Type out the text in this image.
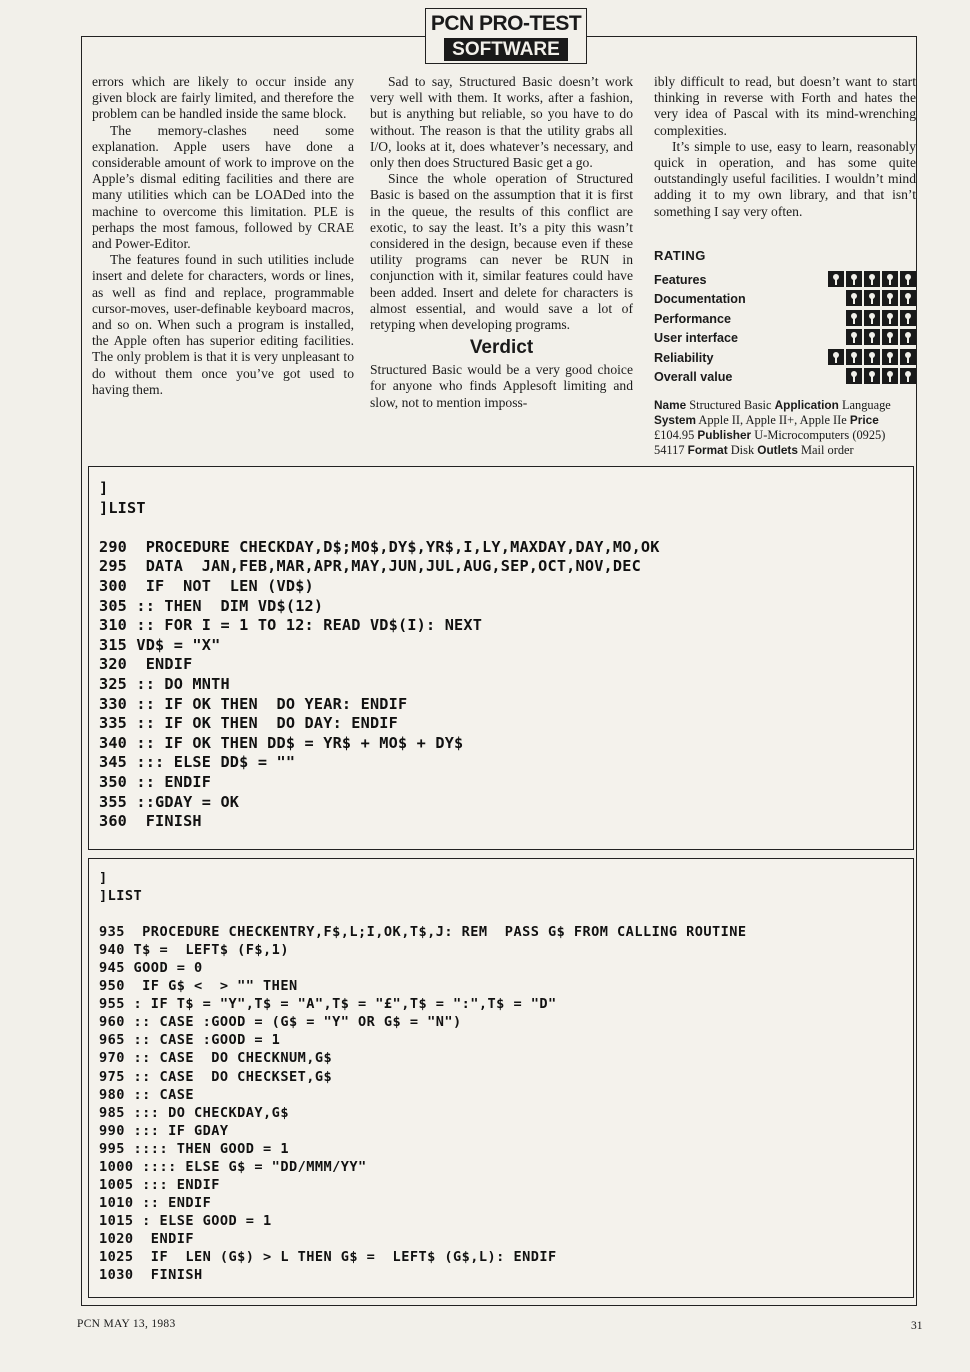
PCN PRO-TEST
SOFTWARE

errors which are likely to occur inside any given block are fairly limited, and therefore the problem can be handled inside the same block.

The memory-clashes need some explanation. Apple users have done a considerable amount of work to improve on the Apple’s dismal editing facilities and there are many utilities which can be LOADed into the machine to overcome this limitation. PLE is perhaps the most famous, followed by CRAE and Power-Editor.

The features found in such utilities include insert and delete for characters, words or lines, as well as find and replace, programmable cursor-moves, user-definable keyboard macros, and so on. When such a program is installed, the Apple often has superior editing facilities. The only problem is that it is very unpleasant to do without them once you’ve got used to having them.

Sad to say, Structured Basic doesn’t work very well with them. It works, after a fashion, but is anything but reliable, so you have to do without. The reason is that the utility grabs all I/O, looks at it, does whatever’s necessary, and only then does Structured Basic get a go.

Since the whole operation of Structured Basic is based on the assumption that it is first in the queue, the results of this conflict are exotic, to say the least. It’s a pity this wasn’t considered in the design, because even if these utility programs can never be RUN in conjunction with it, similar features could have been added. Insert and delete for characters is almost essential, and would save a lot of retyping when developing programs.

Verdict

Structured Basic would be a very good choice for anyone who finds Applesoft limiting and slow, not to mention imposs-

ibly difficult to read, but doesn’t want to start thinking in reverse with Forth and hates the very idea of Pascal with its mind-wrenching complexities.

It’s simple to use, easy to learn, reasonably quick in operation, and has some quite outstandingly useful facilities. I wouldn’t mind adding it to my own library, and that isn’t something I say very often.

RATING
Features
Documentation
Performance
User interface
Reliability
Overall value
Name Structured Basic Application Language System Apple II, Apple II+, Apple IIe Price £104.95 Publisher U-Microcomputers (0925) 54117 Format Disk Outlets Mail order
]
]LIST

290  PROCEDURE CHECKDAY,D$;MO$,DY$,YR$,I,LY,MAXDAY,DAY,MO,OK
295  DATA  JAN,FEB,MAR,APR,MAY,JUN,JUL,AUG,SEP,OCT,NOV,DEC
300  IF  NOT  LEN (VD$)
305 :: THEN  DIM VD$(12)
310 :: FOR I = 1 TO 12: READ VD$(I): NEXT
315 VD$ = "X"
320  ENDIF
325 :: DO MNTH
330 :: IF OK THEN  DO YEAR: ENDIF
335 :: IF OK THEN  DO DAY: ENDIF
340 :: IF OK THEN DD$ = YR$ + MO$ + DY$
345 ::: ELSE DD$ = ""
350 :: ENDIF
355 ::GDAY = OK
360  FINISH

]
]LIST

935  PROCEDURE CHECKENTRY,F$,L;I,OK,T$,J: REM  PASS G$ FROM CALLING ROUTINE
940 T$ =  LEFT$ (F$,1)
945 GOOD = 0
950  IF G$ <  > "" THEN
955 : IF T$ = "Y",T$ = "A",T$ = "£",T$ = ":",T$ = "D"
960 :: CASE :GOOD = (G$ = "Y" OR G$ = "N")
965 :: CASE :GOOD = 1
970 :: CASE  DO CHECKNUM,G$
975 :: CASE  DO CHECKSET,G$
980 :: CASE
985 ::: DO CHECKDAY,G$
990 ::: IF GDAY
995 :::: THEN GOOD = 1
1000 :::: ELSE G$ = "DD/MMM/YY"
1005 ::: ENDIF
1010 :: ENDIF
1015 : ELSE GOOD = 1
1020  ENDIF
1025  IF  LEN (G$) > L THEN G$ =  LEFT$ (G$,L): ENDIF
1030  FINISH

PCN MAY 13, 1983	31
